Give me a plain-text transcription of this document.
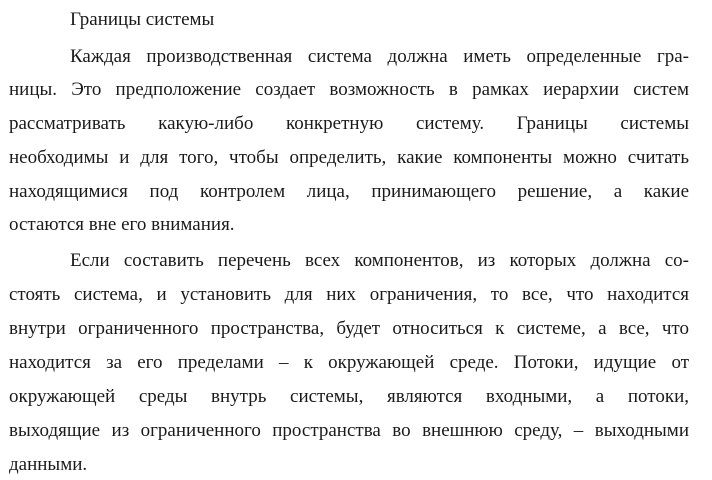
Границы системы
Каждая производственная система должна иметь определенные гра-
ницы. Это предположение создает возможность в рамках иерархии систем
рассматривать какую-либо конкретную систему. Границы системы
необходимы и для того, чтобы определить, какие компоненты можно считать
находящимися под контролем лица, принимающего решение, а какие
остаются вне его внимания.
Если составить перечень всех компонентов, из которых должна со-
стоять система, и установить для них ограничения, то все, что находится
внутри ограниченного пространства, будет относиться к системе, а все, что
находится за его пределами – к окружающей среде. Потоки, идущие от
окружающей среды внутрь системы, являются входными, а потоки,
выходящие из ограниченного пространства во внешнюю среду, – выходными
данными.
